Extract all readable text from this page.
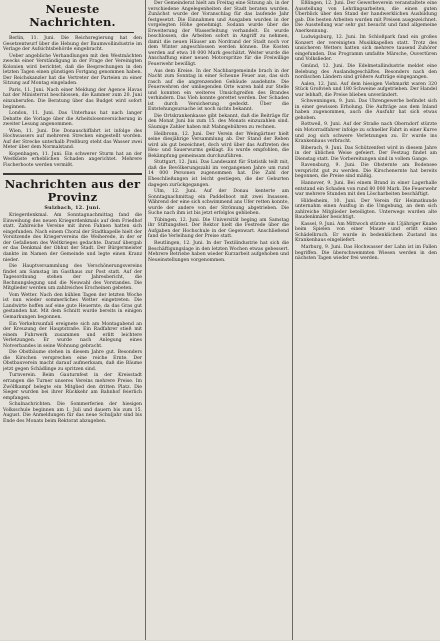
Neueste Nachrichten.

Berlin, 11. Juni. Die Reichsregierung hat den Gesetzentwurf über die Hebung der Baumwollindustrie im Verlage der Aufsichtsbehörde eingebracht.

Ueber angebliche Verhandlungen mit den Westmächten zwecks einer Verständigung in der Frage der Vereinigten Kolonien wird berichtet, daß die Besprechungen in den letzten Tagen einen günstigen Fortgang genommen haben. Der Reichskanzler hat die Vertreter der Parteien zu einer Sitzung auf Montag eingeladen.

Paris, 11. Juni. Nach einer Meldung der Agence Havas hat der Ministerrat beschlossen, die Kammer zum 20. Juni einzuberufen. Die Beratung über das Budget wird sofort beginnen.

London, 11. Juni. Das Unterhaus hat nach langer Debatte die Vorlage über die Arbeitslosenversicherung in zweiter Lesung angenommen.

Wien, 11. Juni. Die Donauschiffahrt ist infolge des Hochwassers auf mehreren Strecken eingestellt worden. Auf der Strecke unterhalb Preßburg steht das Wasser zwei Meter über dem Normalstand.

Kopenhagen, 11. Juni. Ein schwerer Sturm hat an der Westküste erheblichen Schaden angerichtet. Mehrere Fischerboote werden vermißt.

Nachrichten aus der Provinz
Sulzbach, 12. Juni.

Kriegerdenkmal. Am Sonntagnachmittag fand die Einweihung des neuen Kriegerdenkmals auf dem Friedhof statt. Zahlreiche Vereine mit ihren Fahnen hatten sich eingefunden. Nach einem Choral der Stadtkapelle hielt der Vorsitzende des Kriegervereins die Weiherede, in der er der Gefallenen des Weltkrieges gedachte. Darauf übergab er das Denkmal der Obhut der Stadt. Der Bürgermeister dankte im Namen der Gemeinde und legte einen Kranz nieder.

Die Hauptversammlung des Verschönerungsvereins findet am Samstag im Gasthaus zur Post statt. Auf der Tagesordnung stehen der Jahresbericht, die Rechnungslegung und die Neuwahl des Vorstandes. Die Mitglieder werden um zahlreiches Erscheinen gebeten.

Vom Wetter. Nach den kühlen Tagen der letzten Woche ist nun wieder sommerliches Wetter eingetreten. Die Landwirte hoffen auf eine gute Heuernte, da das Gras gut gestanden hat. Mit dem Schnitt wurde bereits in einigen Gemarkungen begonnen.

Ein Verkehrsunfall ereignete sich am Montagabend an der Kreuzung der Hauptstraße. Ein Radfahrer stieß mit einem Fuhrwerk zusammen und erlitt leichtere Verletzungen. Er wurde nach Anlegung eines Notverbandes in seine Wohnung gebracht.

Die Obstbäume stehen in diesem Jahre gut. Besonders die Kirschen versprechen eine reiche Ernte. Der Obstbauverein macht darauf aufmerksam, daß die Bäume jetzt gegen Schädlinge zu spritzen sind.

Turnverein. Beim Gauturnfest in der Kreisstadt errangen die Turner unseres Vereins mehrere Preise. Im Zwölfkampf belegte ein Mitglied den dritten Platz. Die Sieger wurden bei ihrer Rückkehr am Bahnhof feierlich empfangen.

Schulnachrichten. Die Sommerferien der hiesigen Volksschule beginnen am 1. Juli und dauern bis zum 15. August. Die Anmeldungen für das neue Schuljahr sind bis Ende des Monats beim Rektorat abzugeben.

Der Gemeinderat hielt am Freitag eine Sitzung ab, in der verschiedene Angelegenheiten der Stadt beraten wurden. Zunächst wurde der Voranschlag für das laufende Jahr festgesetzt. Die Einnahmen und Ausgaben wurden in der vorgelegten Höhe genehmigt. Sodann wurde über die Erweiterung der Wasserleitung verhandelt. Es wurde beschlossen, die Arbeiten sofort in Angriff zu nehmen, damit die neuen Häuser am Nordrand der Stadt noch vor dem Winter angeschlossen werden können. Die Kosten werden auf etwa 18 000 Mark geschätzt. Weiter wurde die Anschaffung einer neuen Motorspritze für die Freiwillige Feuerwehr bewilligt.

Aus dem Kreise. In der Nachbargemeinde brach in der Nacht zum Sonntag in einer Scheune Feuer aus, das sich rasch auf die angrenzenden Gebäude ausdehnte. Die Feuerwehren der umliegenden Orte waren bald zur Stelle und konnten ein weiteres Umsichgreifen des Brandes verhindern. Das Vieh konnte gerettet werden. Der Schaden ist durch Versicherung gedeckt. Über die Entstehungsursache ist noch nichts bekannt.

Die Ortskrankenkasse gibt bekannt, daß die Beiträge für den Monat Juni bis zum 15. des Monats einzuzahlen sind. Säumige Zahler haben mit Mahngebühren zu rechnen.

Heilbronn, 12. Juni. Der Verein der Weingärtner hielt seine diesjährige Versammlung ab. Der Stand der Reben wird als gut bezeichnet, doch wird über das Auftreten des Heu- und Sauerwurms geklagt. Es wurde empfohlen, die Bekämpfung gemeinsam durchzuführen.

Stuttgart, 12. Juni. Das Landesamt für Statistik teilt mit, daß die Bevölkerungszahl im vergangenen Jahre um rund 14 000 Personen zugenommen hat. Die Zahl der Eheschließungen ist leicht gestiegen, die der Geburten dagegen zurückgegangen.

Ulm, 12. Juni. Auf der Donau kenterte am Sonntagnachmittag ein Paddelboot mit zwei Insassen. Während der eine sich schwimmend ans Ufer retten konnte, wurde der andere von der Strömung abgetrieben. Die Suche nach ihm ist bis jetzt erfolglos geblieben.

Tübingen, 12. Juni. Die Universität beging am Samstag ihr Stiftungsfest. Der Rektor hielt die Festrede über die Aufgaben der Hochschule in der Gegenwart. Anschließend fand die Verleihung der Preise statt.

Reutlingen, 12. Juni. In der Textilindustrie hat sich die Beschäftigungslage in den letzten Wochen etwas gebessert. Mehrere Betriebe haben wieder Kurzarbeit aufgehoben und Neueinstellungen vorgenommen.

Eßlingen, 12. Juni. Der Gewerbeverein veranstaltete eine Ausstellung von Lehrlingsarbeiten, die einen guten Überblick über den Stand der handwerklichen Ausbildung gab. Die besten Arbeiten wurden mit Preisen ausgezeichnet. Die Ausstellung war sehr gut besucht und fand allgemeine Anerkennung.

Ludwigsburg, 12. Juni. Im Schloßpark fand ein großes Konzert der vereinigten Musikkapellen statt. Trotz des unsicheren Wetters hatten sich mehrere tausend Zuhörer eingefunden. Das Programm umfaßte Märsche, Ouvertüren und Volkslieder.

Gmünd, 12. Juni. Die Edelmetallindustrie meldet eine Belebung des Auslandsgeschäftes. Besonders nach den nordischen Ländern sind größere Aufträge eingegangen.

Aalen, 12. Juni. Auf dem hiesigen Viehmarkt waren 320 Stück Großvieh und 180 Schweine aufgetrieben. Der Handel war lebhaft, die Preise blieben unverändert.

Schwenningen, 9. Juni. Das Uhrengewerbe befindet sich in einer gewissen Erholung. Die Aufträge aus dem Inland haben zugenommen, auch die Ausfuhr hat sich etwas gehoben.

Rottweil, 9. Juni. Auf der Straße nach Oberndorf stürzte ein Motorradfahrer infolge zu schneller Fahrt in einer Kurve und zog sich schwere Verletzungen zu. Er wurde ins Krankenhaus verbracht.

Biberach, 9. Juni. Das Schützenfest wird in diesem Jahre in der üblichen Weise gefeiert. Der Festzug findet am Dienstag statt. Die Vorbereitungen sind in vollem Gange.

Ravensburg, 9. Juni. Die Obsternte am Bodensee verspricht gut zu werden. Die Kirschenernte hat bereits begonnen, die Preise sind mäßig.

Hannover, 9. Juni. Bei einem Brand in einer Lagerhalle entstand ein Schaden von rund 80 000 Mark. Die Feuerwehr war mehrere Stunden mit den Löscharbeiten beschäftigt.

Hildesheim, 10. Juni. Der Verein für Heimatkunde unternahm einen Ausflug in die Umgebung, an dem sich zahlreiche Mitglieder beteiligten. Unterwegs wurden alte Baudenkmäler besichtigt.

Kassel, 9. Juni. Am Mittwoch stürzte ein 13jähriger Knabe beim Spielen von einer Mauer und erlitt einen Schädelbruch. Er wurde in bedenklichem Zustand ins Krankenhaus eingeliefert.

Marburg, 9. Juni. Das Hochwasser der Lahn ist im Fallen begriffen. Die überschwemmten Wiesen werden in den nächsten Tagen wieder frei werden.
